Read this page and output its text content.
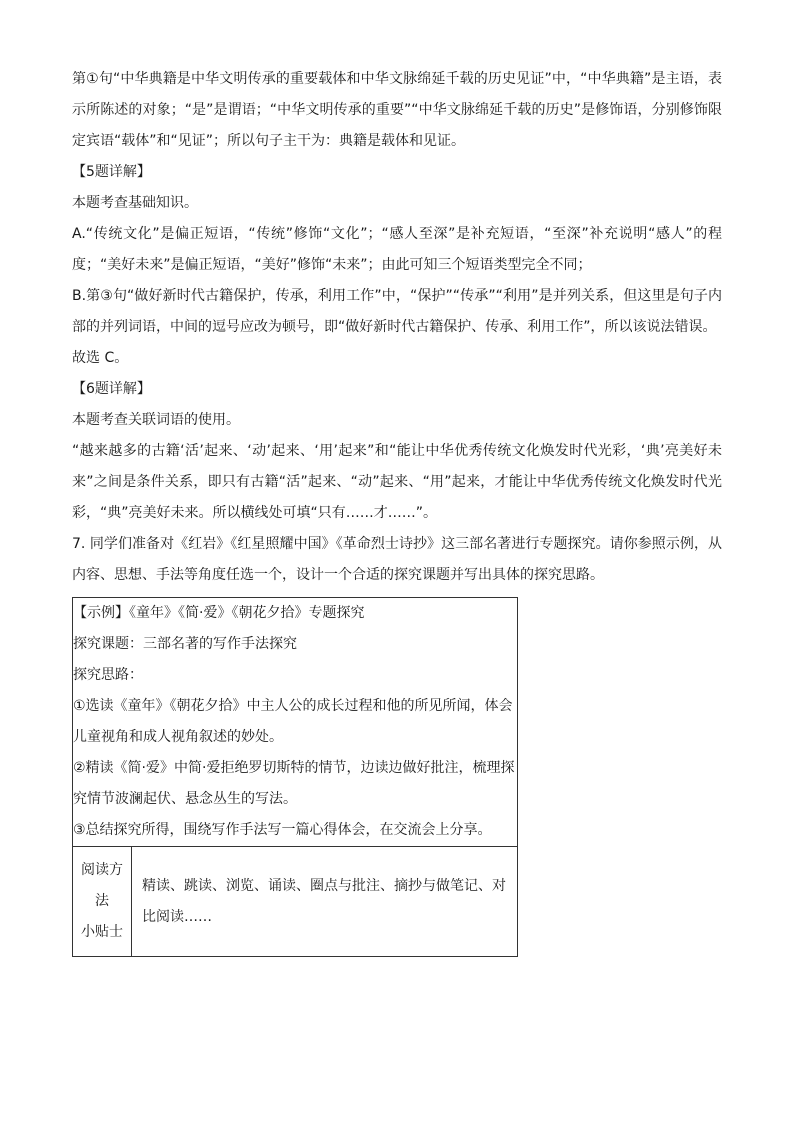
第①句“中华典籍是中华文明传承的重要载体和中华文脉绵延千载的历史见证”中，“中华典籍”是主语，表示所陈述的对象；“是”是谓语；“中华文明传承的重要”“中华文脉绵延千载的历史”是修饰语，分别修饰限定宾语“载体”和“见证”；所以句子主干为：典籍是载体和见证。

【5题详解】

本题考查基础知识。

A.“传统文化”是偏正短语，“传统”修饰“文化”；“感人至深”是补充短语，“至深”补充说明“感人”的程度；“美好未来”是偏正短语，“美好”修饰“未来”；由此可知三个短语类型完全不同；

B.第③句“做好新时代古籍保护，传承，利用工作”中，“保护”“传承”“利用”是并列关系，但这里是句子内部的并列词语，中间的逗号应改为顿号，即“做好新时代古籍保护、传承、利用工作”，所以该说法错误。

故选 C。

【6题详解】

本题考查关联词语的使用。

“越来越多的古籍‘活’起来、‘动’起来、‘用’起来”和“能让中华优秀传统文化焕发时代光彩，‘典’亮美好未来”之间是条件关系，即只有古籍“活”起来、“动”起来、“用”起来，才能让中华优秀传统文化焕发时代光彩，“典”亮美好未来。所以横线处可填“只有……才……”。

7. 同学们准备对《红岩》《红星照耀中国》《革命烈士诗抄》这三部名著进行专题探究。请你参照示例，从内容、思想、手法等角度任选一个，设计一个合适的探究课题并写出具体的探究思路。

【示例】《童年》《简·爱》《朝花夕拾》专题探究

探究课题：三部名著的写作手法探究

探究思路：

①选读《童年》《朝花夕拾》中主人公的成长过程和他的所见所闻，体会儿童视角和成人视角叙述的妙处。

②精读《简·爱》中简·爱拒绝罗切斯特的情节，边读边做好批注，梳理探究情节波澜起伏、悬念丛生的写法。

③总结探究所得，围绕写作手法写一篇心得体会，在交流会上分享。

阅读方
法
小贴士
	精读、跳读、浏览、诵读、圈点与批注、摘抄与做笔记、对比阅读……
